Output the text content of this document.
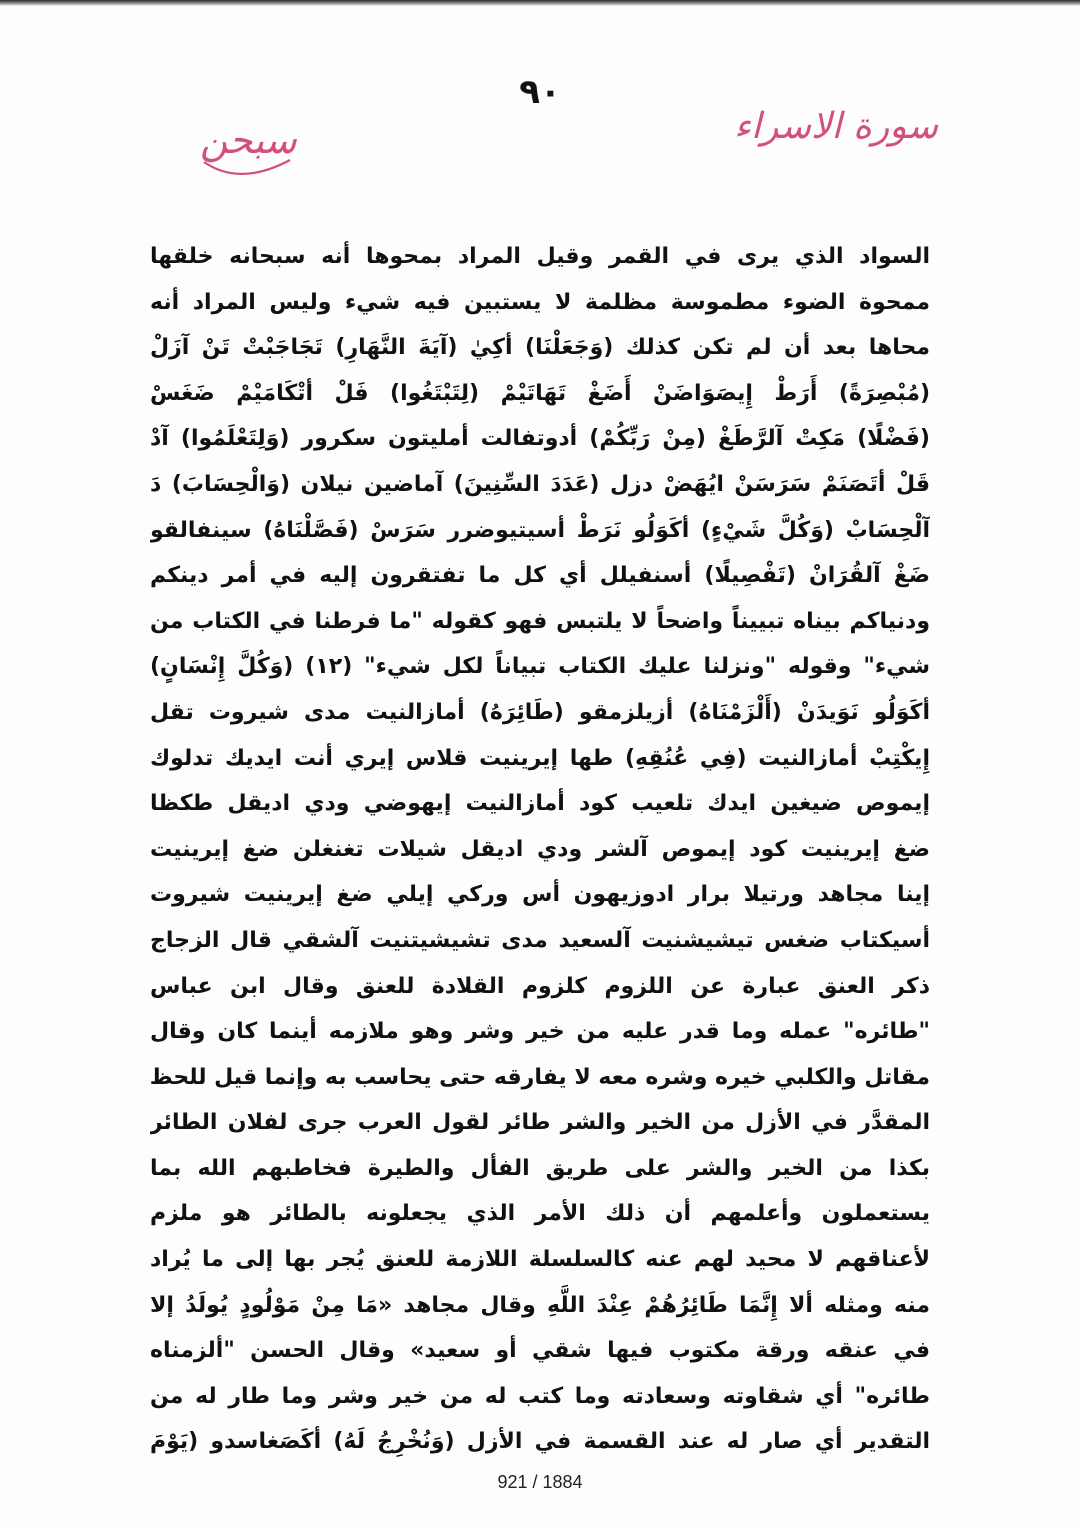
٩٠
سورة الاسراء
سبحن
السواد الذي يرى في القمر وقيل المراد بمحوها أنه سبحانه خلقها
ممحوة الضوء مطموسة مظلمة لا يستبين فيه شيء وليس المراد أنه
محاها بعد أن لم تكن كذلك (وَجَعَلْنَا) أكِيٰ (آيَةَ النَّهَارِ) تَجَاجَبْتْ تَنْ آزَلْ
(مُبْصِرَةً) أَرَطْ إِيصَوَاضَنْ أَضَغْ تَهَاتَيْمْ (لِتَبْتَغُوا) فَلْ أتْكَامَيْمْ ضَغَسْ
(فَضْلًا) مَكِتْ آلرَّطَغْ (مِنْ رَبِّكُمْ) أدوتفالت أمليتون سكرور (وَلِتَعْلَمُوا) آدْ
قَلْ أتَصَنَمْ سَرَسَنْ ايُهَضْ دزل (عَدَدَ السِّنِينَ) آماضين نيلان (وَالْحِسَابَ) دَ
آلْحِسَابْ (وَكُلَّ شَيْءٍ) أكَوَلُو نَرَطْ أسيتيوضرر سَرَسْ (فَصَّلْنَاهُ) سينفالقو
ضَغْ آلقُرَانْ (تَفْصِيلًا) أسنفيلل أي كل ما تفتقرون إليه في أمر دينكم
ودنياكم بيناه تبييناً واضحاً لا يلتبس فهو كقوله "ما فرطنا في الكتاب من
شيء" وقوله "ونزلنا عليك الكتاب تبياناً لكل شيء" (١٢) (وَكُلَّ إِنْسَانٍ)
أكَوَلُو نَوَيدَنْ (أَلْزَمْنَاهُ) أزيلزمقو (طَائِرَهُ) أمازالنيت مدى شيروت تقل
إِيكْتِبْ أمازالنيت (فِي عُنُقِهِ) طها إيرينيت قلاس إيري أنت ايديك تدلوك
إيموص ضيغين ايدك تلعيب كود أمازالنيت إيهوضي ودي اديقل طكظا
ضغ إيرينيت كود إيموص آلشر ودي اديقل شيلات تغنغلن ضغ إيرينيت
إينا مجاهد ورتيلا برار ادوزيهون أس وركي إيلي ضغ إيرينيت شيروت
أسيكتاب ضغس تيشيشنيت آلسعيد مدى تشيشيتنيت آلشقي قال الزجاج
ذكر العنق عبارة عن اللزوم كلزوم القلادة للعنق وقال ابن عباس
"طائره" عمله وما قدر عليه من خير وشر وهو ملازمه أينما كان وقال
مقاتل والكلبي خيره وشره معه لا يفارقه حتى يحاسب به وإنما قيل للحظ
المقدَّر في الأزل من الخير والشر طائر لقول العرب جرى لفلان الطائر
بكذا من الخير والشر على طريق الفأل والطيرة فخاطبهم الله بما
يستعملون وأعلمهم أن ذلك الأمر الذي يجعلونه بالطائر هو ملزم
لأعناقهم لا محيد لهم عنه كالسلسلة اللازمة للعنق يُجر بها إلى ما يُراد
منه ومثله ألا إِنَّمَا طَائِرُهُمْ عِنْدَ اللَّهِ وقال مجاهد «مَا مِنْ مَوْلُودٍ يُولَدُ إلا
في عنقه ورقة مكتوب فيها شقي أو سعيد» وقال الحسن "ألزمناه
طائره" أي شقاوته وسعادته وما كتب له من خير وشر وما طار له من
التقدير أي صار له عند القسمة في الأزل (وَنُخْرِجُ لَهُ) أكَصَغاسدو (يَوْمَ
921 / 1884
